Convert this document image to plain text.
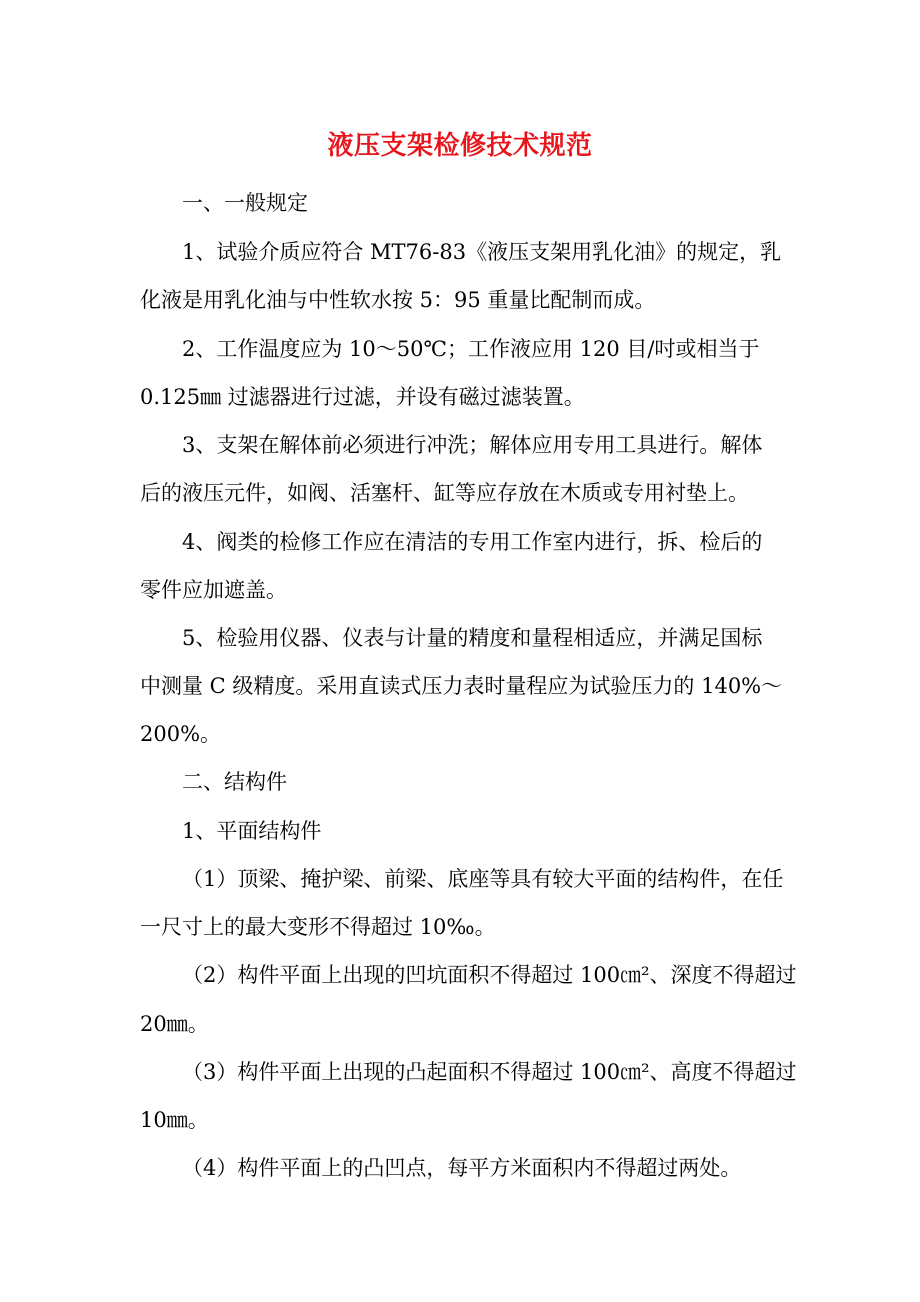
液压支架检修技术规范
一、一般规定
1、试验介质应符合 MT76-83《液压支架用乳化油》的规定，乳
化液是用乳化油与中性软水按 5：95 重量比配制而成。
2、工作温度应为 10～50℃；工作液应用 120 目/吋或相当于
0.125㎜ 过滤器进行过滤，并设有磁过滤装置。
3、支架在解体前必须进行冲洗；解体应用专用工具进行。解体
后的液压元件，如阀、活塞杆、缸等应存放在木质或专用衬垫上。
4、阀类的检修工作应在清洁的专用工作室内进行，拆、检后的
零件应加遮盖。
5、检验用仪器、仪表与计量的精度和量程相适应，并满足国标
中测量 C 级精度。采用直读式压力表时量程应为试验压力的 140%～
200%。
二、结构件
1、平面结构件
（1）顶梁、掩护梁、前梁、底座等具有较大平面的结构件，在任
一尺寸上的最大变形不得超过 10‰。
（2）构件平面上出现的凹坑面积不得超过 100㎝²、深度不得超过
20㎜。
（3）构件平面上出现的凸起面积不得超过 100㎝²、高度不得超过
10㎜。
（4）构件平面上的凸凹点，每平方米面积内不得超过两处。
